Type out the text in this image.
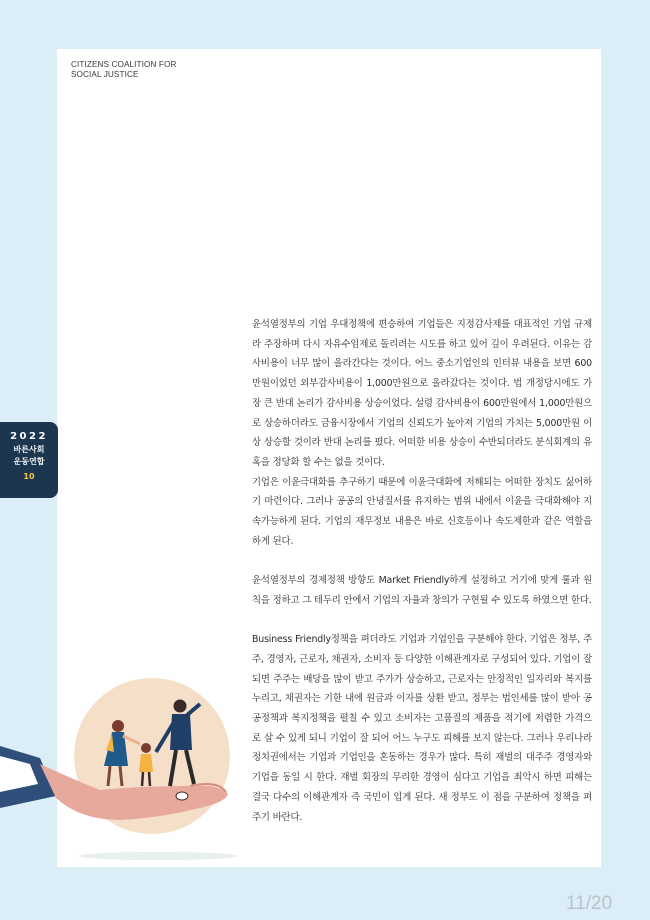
CITIZENS COALITION FOR
SOCIAL JUSTICE
2022
바른사회
운동연합
10

윤석열정부의 기업 우대정책에 편승하여 기업들은 지정감사제를 대표적인 기업 규제라 주장하며 다시 자유수임제로 돌리려는 시도를 하고 있어 깊이 우려된다. 이유는 감사비용이 너무 많이 올라간다는 것이다. 어느 중소기업인의 인터뷰 내용을 보면 600만원이었던 외부감사비용이 1,000만원으로 올라갔다는 것이다. 법 개정당시에도 가장 큰 반대 논리가 감사비용 상승이었다. 설령 감사비용이 600만원에서 1,000만원으로 상승하더라도 금융시장에서 기업의 신뢰도가 높아져 기업의 가치는 5,000만원 이상 상승할 것이라 반대 논리를 폈다. 어떠한 비용 상승이 수반되더라도 분식회계의 유혹을 정당화 할 수는 없을 것이다.

기업은 이윤극대화를 추구하기 때문에 이윤극대화에 저해되는 어떠한 장치도 싫어하기 마련이다. 그러나 공공의 안녕질서를 유지하는 범위 내에서 이윤을 극대화해야 지속가능하게 된다. 기업의 재무정보 내용은 바로 신호등이나 속도제한과 같은 역할을 하게 된다.

윤석열정부의 경제정책 방향도 Market Friendly하게 설정하고 거기에 맞게 룰과 원칙을 정하고 그 테두리 안에서 기업의 자율과 창의가 구현될 수 있도록 하였으면 한다.

Business Friendly정책을 펴더라도 기업과 기업인을 구분해야 한다. 기업은 정부, 주주, 경영자, 근로자, 채권자, 소비자 등 다양한 이해관계자로 구성되어 있다. 기업이 잘 되면 주주는 배당을 많이 받고 주가가 상승하고, 근로자는 안정적인 일자리와 복지를 누리고, 채권자는 기한 내에 원금과 이자를 상환 받고, 정부는 법인세를 많이 받아 공공정책과 복지정책을 펼칠 수 있고 소비자는 고품질의 제품을 적기에 저렴한 가격으로 살 수 있게 되니 기업이 잘 되어 어느 누구도 피해를 보지 않는다. 그러나 우리나라 정치권에서는 기업과 기업인을 혼동하는 경우가 많다. 특히 재벌의 대주주 경영자와 기업을 동일 시 한다. 재벌 회장의 무리한 경영이 심다고 기업을 죄악시 하면 피해는 결국 다수의 이해관계자 즉 국민이 입게 된다. 새 정부도 이 점을 구분하여 정책을 펴 주기 바란다.

11/20
